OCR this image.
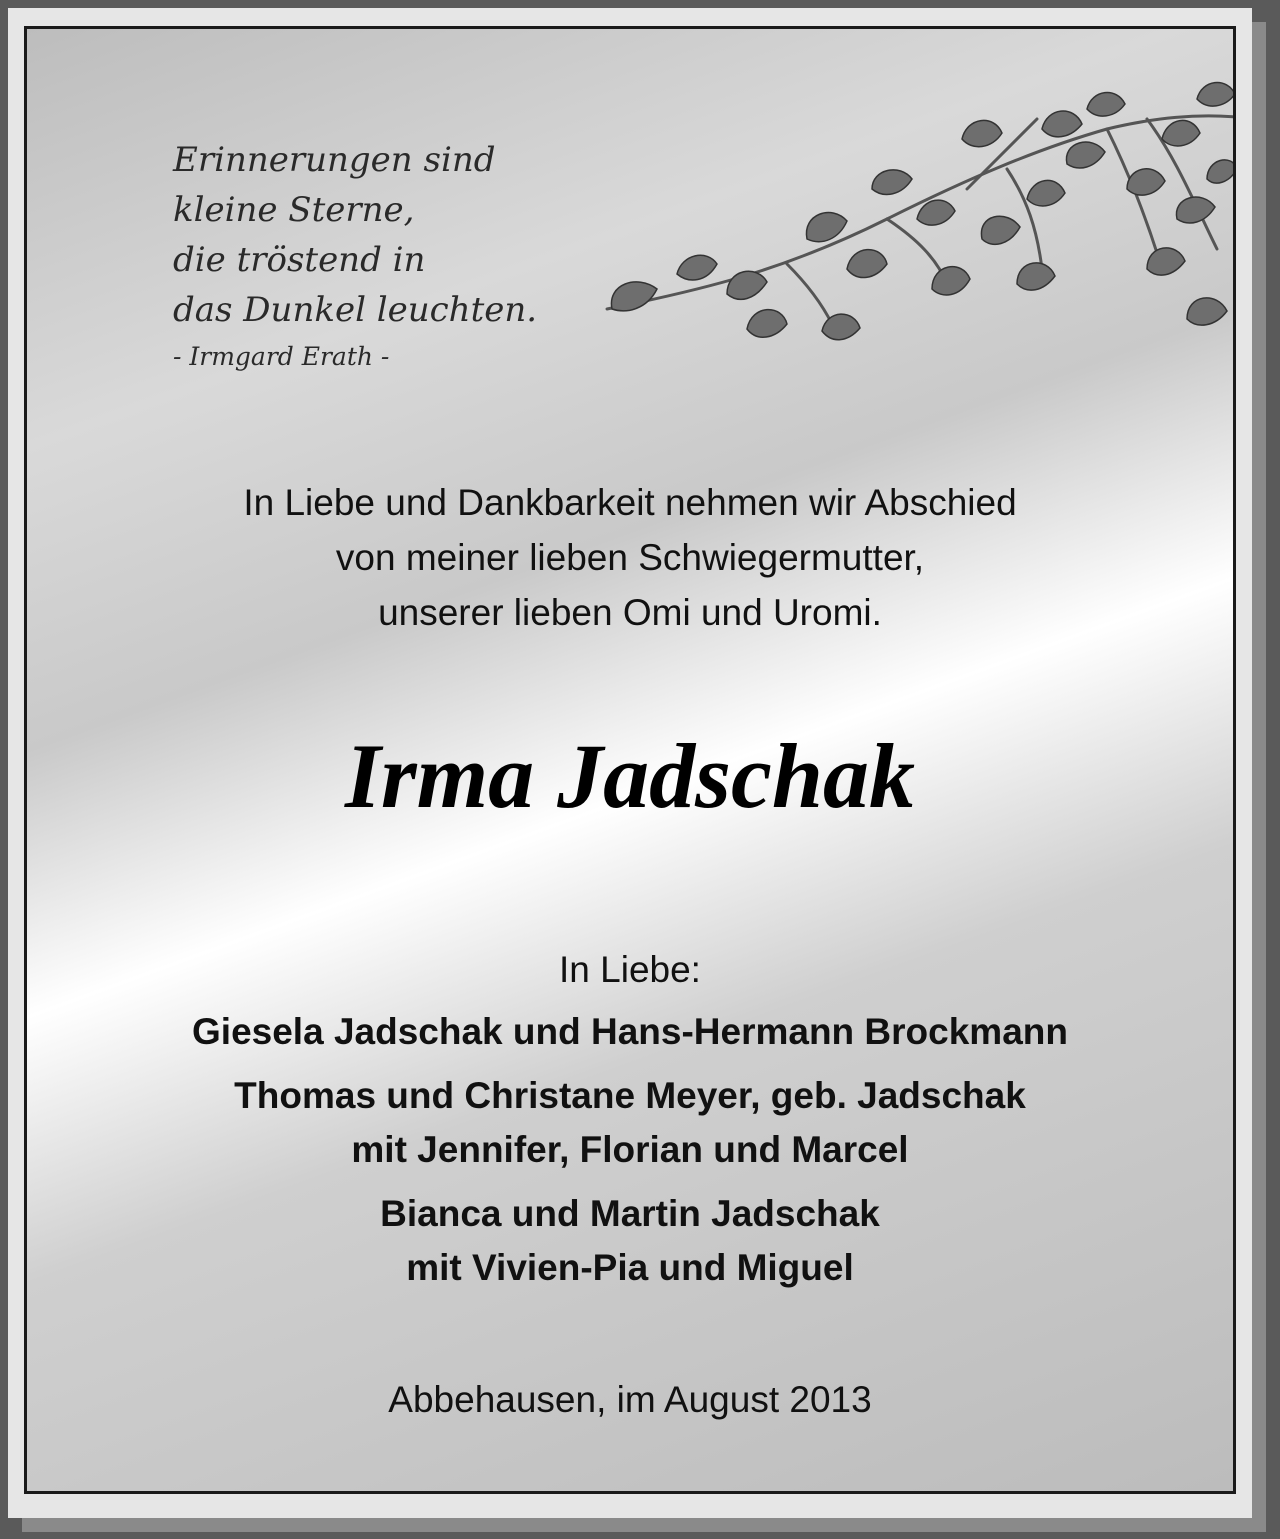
Erinnerungen sind
kleine Sterne,
die tröstend in
das Dunkel leuchten.
- Irmgard Erath -
In Liebe und Dankbarkeit nehmen wir Abschied
von meiner lieben Schwiegermutter,
unserer lieben Omi und Uromi.
Irma Jadschak
In Liebe:
Giesela Jadschak und Hans-Hermann Brockmann
Thomas und Christane Meyer, geb. Jadschak
mit Jennifer, Florian und Marcel
Bianca und Martin Jadschak
mit Vivien-Pia und Miguel
Abbehausen, im August 2013
